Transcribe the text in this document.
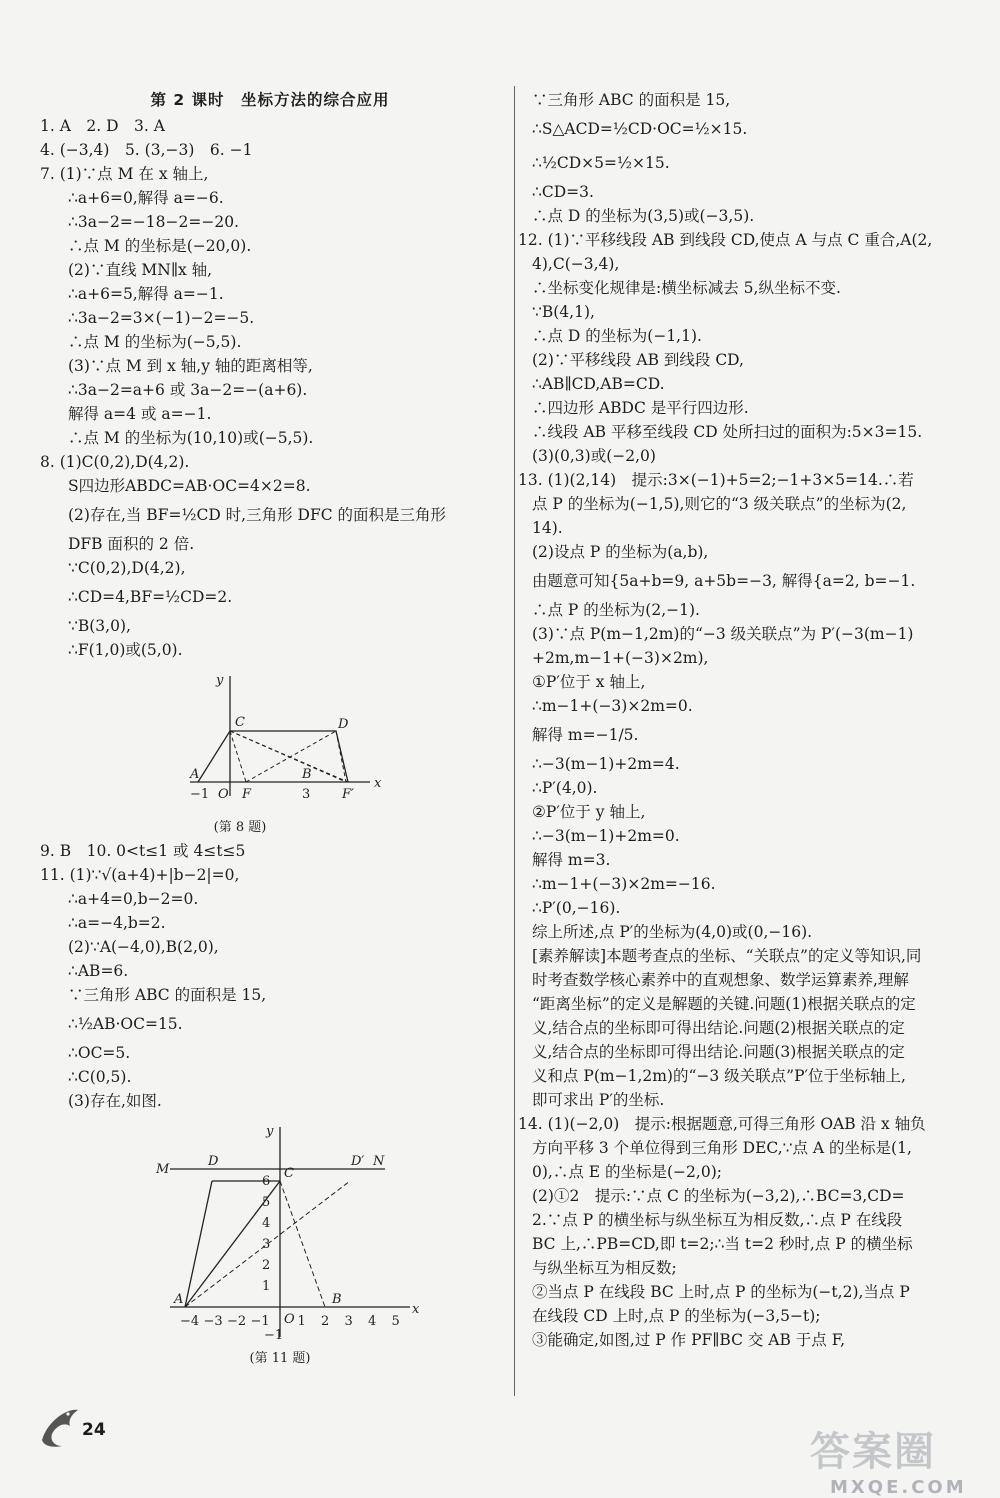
第 2 课时　坐标方法的综合应用
1. A　2. D　3. A
4. (−3,4)　5. (3,−3)　6. −1
7. (1)∵点 M 在 x 轴上,
∴a+6=0,解得 a=−6.
∴3a−2=−18−2=−20.
∴点 M 的坐标是(−20,0).
(2)∵直线 MN∥x 轴,
∴a+6=5,解得 a=−1.
∴3a−2=3×(−1)−2=−5.
∴点 M 的坐标为(−5,5).
(3)∵点 M 到 x 轴,y 轴的距离相等,
∴3a−2=a+6 或 3a−2=−(a+6).
解得 a=4 或 a=−1.
∴点 M 的坐标为(10,10)或(−5,5).
8. (1)C(0,2),D(4,2).
S四边形ABDC=AB·OC=4×2=8.
(2)存在,当 BF=½CD 时,三角形 DFC 的面积是三角形
DFB 面积的 2 倍.
∵C(0,2),D(4,2),
∴CD=4,BF=½CD=2.
∵B(3,0),
∴F(1,0)或(5,0).
y
x
C	D
A	B
F	F′
O
−1	3
(第 8 题)
9. B　10. 0<t≤1 或 4≤t≤5
11. (1)∵√(a+4)+|b−2|=0,
∴a+4=0,b−2=0.
∴a=−4,b=2.
(2)∵A(−4,0),B(2,0),
∴AB=6.
∵三角形 ABC 的面积是 15,
∴½AB·OC=15.
∴OC=5.
∴C(0,5).
(3)存在,如图.
y
x
M
D
C
D′ N
A	B
O
−1
1
2
3
4
5
6
−4 −3 −2 −1 1 2 3 4 5
(第 11 题)
∵三角形 ABC 的面积是 15,
∴S△ACD=½CD·OC=½×15.
∴½CD×5=½×15.
∴CD=3.
∴点 D 的坐标为(3,5)或(−3,5).
12. (1)∵平移线段 AB 到线段 CD,使点 A 与点 C 重合,A(2,
4),C(−3,4),
∴坐标变化规律是:横坐标减去 5,纵坐标不变.
∵B(4,1),
∴点 D 的坐标为(−1,1).
(2)∵平移线段 AB 到线段 CD,
∴AB∥CD,AB=CD.
∴四边形 ABDC 是平行四边形.
∴线段 AB 平移至线段 CD 处所扫过的面积为:5×3=15.
(3)(0,3)或(−2,0)
13. (1)(2,14)　提示:3×(−1)+5=2;−1+3×5=14.∴若
点 P 的坐标为(−1,5),则它的“3 级关联点”的坐标为(2,
14).
(2)设点 P 的坐标为(a,b),
由题意可知{5a+b=9, a+5b=−3, 解得{a=2, b=−1.
∴点 P 的坐标为(2,−1).
(3)∵点 P(m−1,2m)的“−3 级关联点”为 P′(−3(m−1)
+2m,m−1+(−3)×2m),
①P′位于 x 轴上,
∴m−1+(−3)×2m=0.
解得 m=−1/5.
∴−3(m−1)+2m=4.
∴P′(4,0).
②P′位于 y 轴上,
∴−3(m−1)+2m=0.
解得 m=3.
∴m−1+(−3)×2m=−16.
∴P′(0,−16).
综上所述,点 P′的坐标为(4,0)或(0,−16).
[素养解读]本题考查点的坐标、“关联点”的定义等知识,同
时考查数学核心素养中的直观想象、数学运算素养,理解
“距离坐标”的定义是解题的关键.问题(1)根据关联点的定
义,结合点的坐标即可得出结论.问题(2)根据关联点的定
义,结合点的坐标即可得出结论.问题(3)根据关联点的定
义和点 P(m−1,2m)的“−3 级关联点”P′位于坐标轴上,
即可求出 P′的坐标.
14. (1)(−2,0)　提示:根据题意,可得三角形 OAB 沿 x 轴负
方向平移 3 个单位得到三角形 DEC,∵点 A 的坐标是(1,
0),∴点 E 的坐标是(−2,0);
(2)①2　提示:∵点 C 的坐标为(−3,2),∴BC=3,CD=
2.∵点 P 的横坐标与纵坐标互为相反数,∴点 P 在线段
BC 上,∴PB=CD,即 t=2;∴当 t=2 秒时,点 P 的横坐标
与纵坐标互为相反数;
②当点 P 在线段 BC 上时,点 P 的坐标为(−t,2),当点 P
在线段 CD 上时,点 P 的坐标为(−3,5−t);
③能确定,如图,过 P 作 PF∥BC 交 AB 于点 F,
24	答案圈
MXQE.COM
